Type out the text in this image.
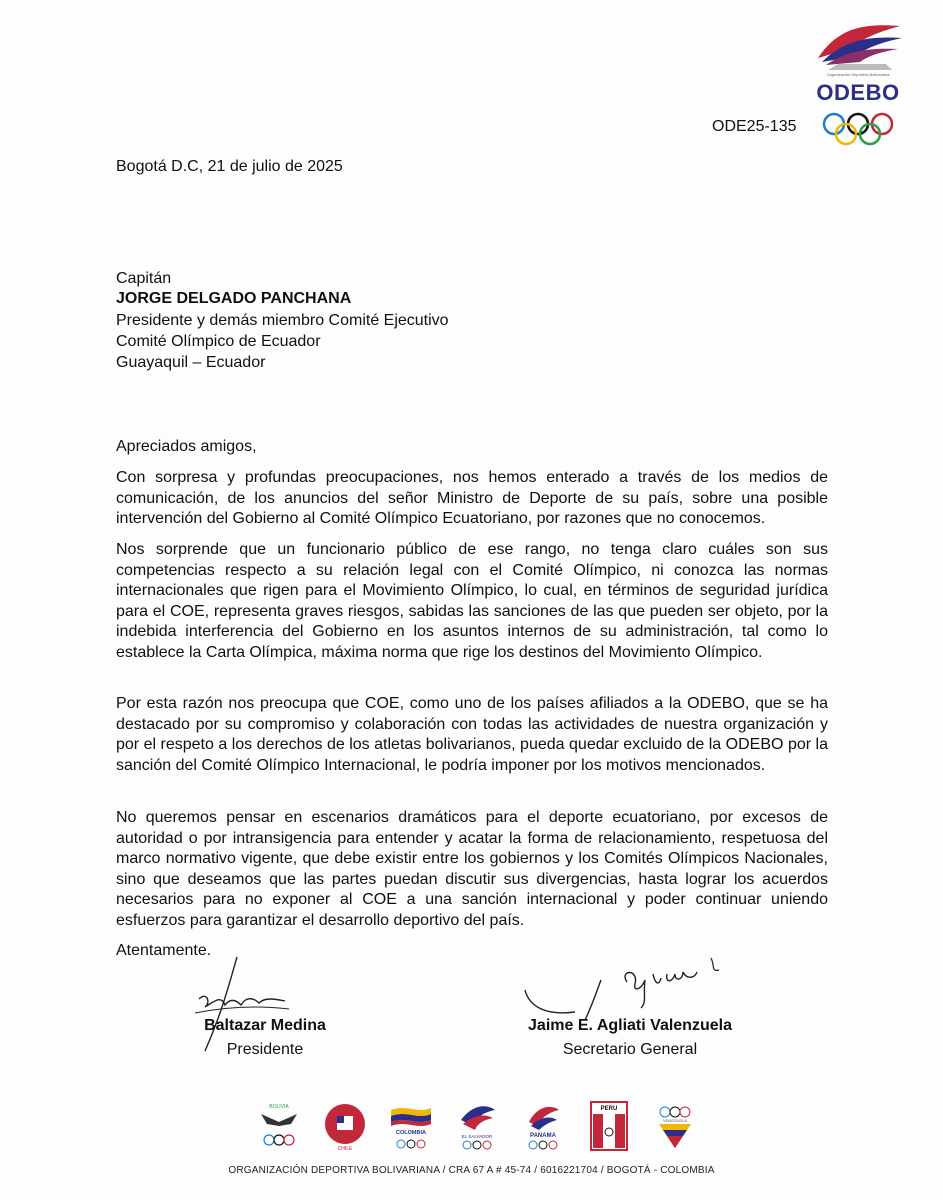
Organización Deportiva Bolivariana
ODEBO
ODE25-135
Bogotá D.C, 21 de julio de 2025
Capitán
JORGE DELGADO PANCHANA
Presidente y demás miembro Comité Ejecutivo
Comité Olímpico de Ecuador
Guayaquil – Ecuador
Apreciados amigos,

Con sorpresa y profundas preocupaciones, nos hemos enterado a través de los medios de comunicación, de los anuncios del señor Ministro de Deporte de su país, sobre una posible intervención del Gobierno al Comité Olímpico Ecuatoriano, por razones que no conocemos.

Nos sorprende que un funcionario público de ese rango, no tenga claro cuáles son sus competencias respecto a su relación legal con el Comité Olímpico, ni conozca las normas internacionales que rigen para el Movimiento Olímpico, lo cual, en términos de seguridad jurídica para el COE, representa graves riesgos, sabidas las sanciones de las que pueden ser objeto, por la indebida interferencia del Gobierno en los asuntos internos de su administración, tal como lo establece la Carta Olímpica, máxima norma que rige los destinos del Movimiento Olímpico.

Por esta razón nos preocupa que COE, como uno de los países afiliados a la ODEBO, que se ha destacado por su compromiso y colaboración con todas las actividades de nuestra organización y por el respeto a los derechos de los atletas bolivarianos, pueda quedar excluido de la ODEBO por la sanción del Comité Olímpico Internacional, le podría imponer por los motivos mencionados.

No queremos pensar en escenarios dramáticos para el deporte ecuatoriano, por excesos de autoridad o por intransigencia para entender y acatar la forma de relacionamiento, respetuosa del marco normativo vigente, que debe existir entre los gobiernos y los Comités Olímpicos Nacionales, sino que deseamos que las partes puedan discutir sus divergencias, hasta lograr los acuerdos necesarios para no exponer al COE a una sanción internacional y poder continuar uniendo esfuerzos para garantizar el desarrollo deportivo del país.

Atentamente.
Baltazar Medina
Presidente
Jaime E. Agliati Valenzuela
Secretario General
BOLIVIA
CHILE
COLOMBIA
EL SALVADOR	PANAMA
PERU
VENEZUELA
ORGANIZACIÓN DEPORTIVA BOLIVARIANA / CRA 67 A # 45-74 / 6016221704 / BOGOTÁ - COLOMBIA
